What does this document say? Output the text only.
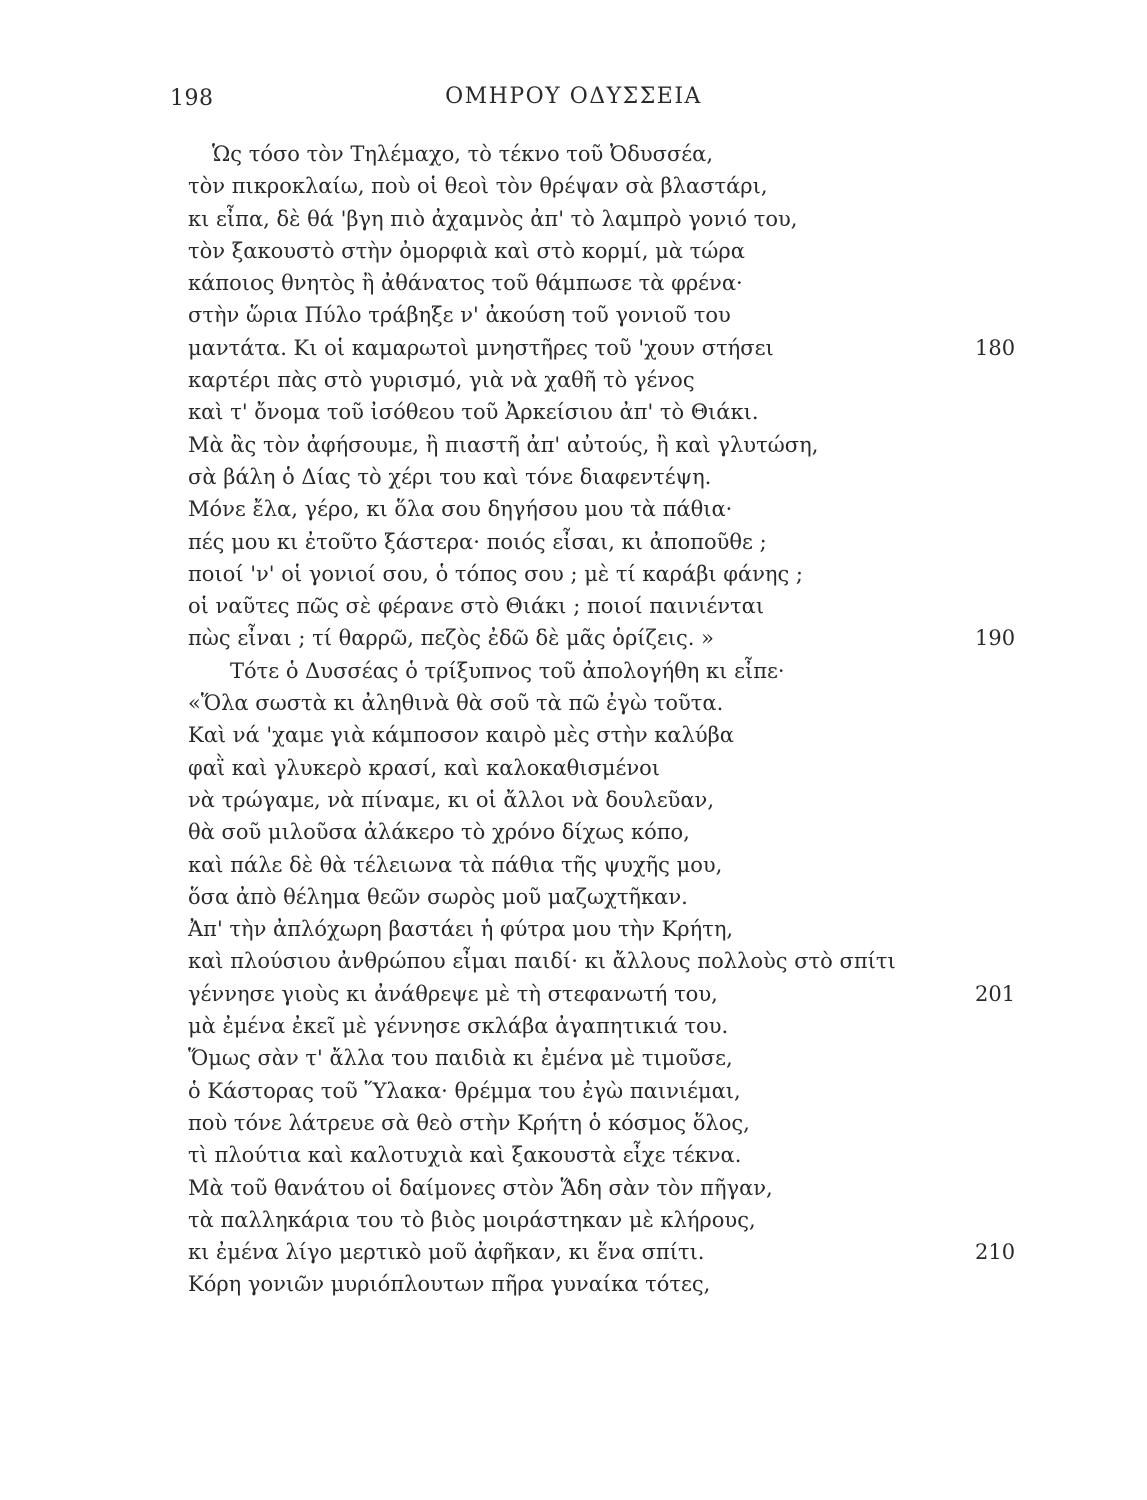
198	ΟΜΗΡΟΥ ΟΔΥΣΣΕΙΑ
Ὡς τόσο τὸν Τηλέμαχο, τὸ τέκνο τοῦ Ὀδυσσέα,
τὸν πικροκλαίω, ποὺ οἱ θεοὶ τὸν θρέψαν σὰ βλαστάρι,
κι εἶπα, δὲ θά 'βγη πιὸ ἀχαμνὸς ἀπ' τὸ λαμπρὸ γονιό του,
τὸν ξακουστὸ στὴν ὀμορφιὰ καὶ στὸ κορμί, μὰ τώρα
κάποιος θνητὸς ἢ ἀθάνατος τοῦ θάμπωσε τὰ φρένα·
στὴν ὥρια Πύλο τράβηξε ν' ἀκούση τοῦ γονιοῦ του
μαντάτα. Κι οἱ καμαρωτοὶ μνηστῆρες τοῦ 'χουν στήσει	180
καρτέρι πὰς στὸ γυρισμό, γιὰ νὰ χαθῆ τὸ γένος
καὶ τ' ὄνομα τοῦ ἰσόθεου τοῦ Ἀρκείσιου ἀπ' τὸ Θιάκι.
Μὰ ἂς τὸν ἀφήσουμε, ἢ πιαστῆ ἀπ' αὐτούς, ἢ καὶ γλυτώση,
σὰ βάλη ὁ Δίας τὸ χέρι του καὶ τόνε διαφεντέψη.
Μόνε ἔλα, γέρο, κι ὅλα σου δηγήσου μου τὰ πάθια·
πές μου κι ἐτοῦτο ξάστερα· ποιός εἶσαι, κι ἀποποῦθε ;
ποιοί 'ν' οἱ γονιοί σου, ὁ τόπος σου ; μὲ τί καράβι φάνης ;
οἱ ναῦτες πῶς σὲ φέρανε στὸ Θιάκι ; ποιοί παινιένται
πὼς εἶναι ; τί θαρρῶ, πεζὸς ἐδῶ δὲ μᾶς ὁρίζεις. »	190
Τότε ὁ Δυσσέας ὁ τρίξυπνος τοῦ ἀπολογήθη κι εἶπε·
«Ὅλα σωστὰ κι ἀληθινὰ θὰ σοῦ τὰ πῶ ἐγὼ τοῦτα.
Καὶ νά 'χαμε γιὰ κάμποσον καιρὸ μὲς στὴν καλύβα
φαῒ καὶ γλυκερὸ κρασί, καὶ καλοκαθισμένοι
νὰ τρώγαμε, νὰ πίναμε, κι οἱ ἄλλοι νὰ δουλεῦαν,
θὰ σοῦ μιλοῦσα ἀλάκερο τὸ χρόνο δίχως κόπο,
καὶ πάλε δὲ θὰ τέλειωνα τὰ πάθια τῆς ψυχῆς μου,
ὅσα ἀπὸ θέλημα θεῶν σωρὸς μοῦ μαζωχτῆκαν.
Ἀπ' τὴν ἀπλόχωρη βαστάει ἡ φύτρα μου τὴν Κρήτη,
καὶ πλούσιου ἀνθρώπου εἶμαι παιδί· κι ἄλλους πολλοὺς στὸ σπίτι
γέννησε γιοὺς κι ἀνάθρεψε μὲ τὴ στεφανωτή του,	201
μὰ ἐμένα ἐκεῖ μὲ γέννησε σκλάβα ἀγαπητικιά του.
Ὅμως σὰν τ' ἄλλα του παιδιὰ κι ἐμένα μὲ τιμοῦσε,
ὁ Κάστορας τοῦ Ὕλακα· θρέμμα του ἐγὼ παινιέμαι,
ποὺ τόνε λάτρευε σὰ θεὸ στὴν Κρήτη ὁ κόσμος ὅλος,
τὶ πλούτια καὶ καλοτυχιὰ καὶ ξακουστὰ εἶχε τέκνα.
Μὰ τοῦ θανάτου οἱ δαίμονες στὸν Ἅδη σὰν τὸν πῆγαν,
τὰ παλληκάρια του τὸ βιὸς μοιράστηκαν μὲ κλήρους,
κι ἐμένα λίγο μερτικὸ μοῦ ἀφῆκαν, κι ἕνα σπίτι.	210
Κόρη γονιῶν μυριόπλουτων πῆρα γυναίκα τότες,
